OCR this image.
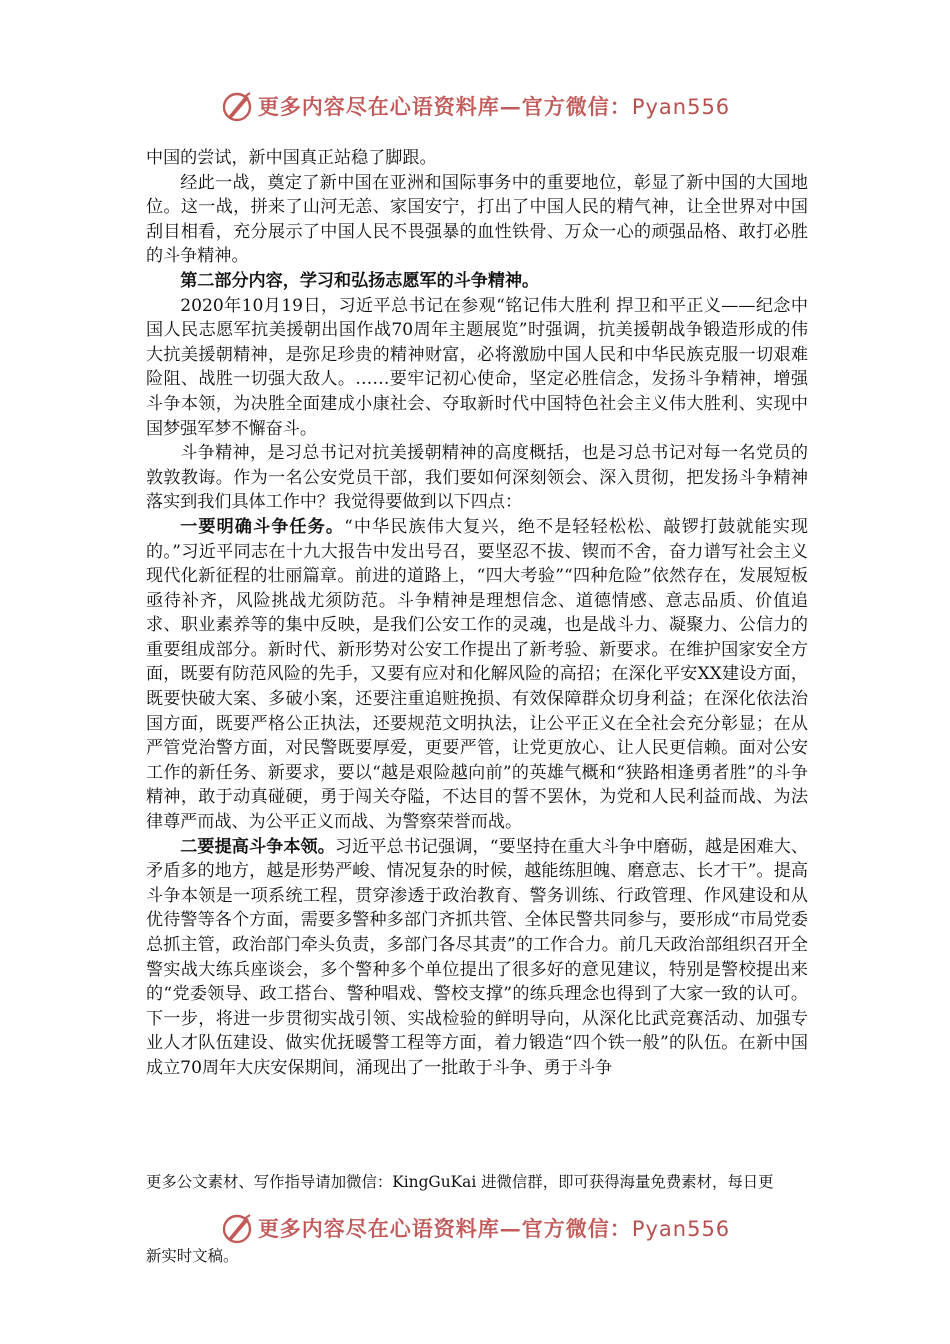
更多内容尽在心语资料库—官方微信：Pyan556

中国的尝试，新中国真正站稳了脚跟。

经此一战，奠定了新中国在亚洲和国际事务中的重要地位，彰显了新中国的大国地位。这一战，拼来了山河无恙、家国安宁，打出了中国人民的精气神，让全世界对中国刮目相看，充分展示了中国人民不畏强暴的血性铁骨、万众一心的顽强品格、敢打必胜的斗争精神。

第二部分内容，学习和弘扬志愿军的斗争精神。

2020年10月19日，习近平总书记在参观“铭记伟大胜利 捍卫和平正义——纪念中国人民志愿军抗美援朝出国作战70周年主题展览”时强调，抗美援朝战争锻造形成的伟大抗美援朝精神，是弥足珍贵的精神财富，必将激励中国人民和中华民族克服一切艰难险阻、战胜一切强大敌人。……要牢记初心使命，坚定必胜信念，发扬斗争精神，增强斗争本领，为决胜全面建成小康社会、夺取新时代中国特色社会主义伟大胜利、实现中国梦强军梦不懈奋斗。

斗争精神，是习总书记对抗美援朝精神的高度概括，也是习总书记对每一名党员的敦敦教诲。作为一名公安党员干部，我们要如何深刻领会、深入贯彻，把发扬斗争精神落实到我们具体工作中？我觉得要做到以下四点：

一要明确斗争任务。“中华民族伟大复兴，绝不是轻轻松松、敲锣打鼓就能实现的。”习近平同志在十九大报告中发出号召，要坚忍不拔、锲而不舍，奋力谱写社会主义现代化新征程的壮丽篇章。前进的道路上，“四大考验”“四种危险”依然存在，发展短板亟待补齐，风险挑战尤须防范。斗争精神是理想信念、道德情感、意志品质、价值追求、职业素养等的集中反映，是我们公安工作的灵魂，也是战斗力、凝聚力、公信力的重要组成部分。新时代、新形势对公安工作提出了新考验、新要求。在维护国家安全方面，既要有防范风险的先手，又要有应对和化解风险的高招；在深化平安XX建设方面，既要快破大案、多破小案，还要注重追赃挽损、有效保障群众切身利益；在深化依法治国方面，既要严格公正执法，还要规范文明执法，让公平正义在全社会充分彰显；在从严管党治警方面，对民警既要厚爱，更要严管，让党更放心、让人民更信赖。面对公安工作的新任务、新要求，要以“越是艰险越向前”的英雄气概和“狭路相逢勇者胜”的斗争精神，敢于动真碰硬，勇于闯关夺隘，不达目的誓不罢休，为党和人民利益而战、为法律尊严而战、为公平正义而战、为警察荣誉而战。

二要提高斗争本领。习近平总书记强调，“要坚持在重大斗争中磨砺，越是困难大、矛盾多的地方，越是形势严峻、情况复杂的时候，越能练胆魄、磨意志、长才干”。提高斗争本领是一项系统工程，贯穿渗透于政治教育、警务训练、行政管理、作风建设和从优待警等各个方面，需要多警种多部门齐抓共管、全体民警共同参与，要形成“市局党委总抓主管，政治部门牵头负责，多部门各尽其责”的工作合力。前几天政治部组织召开全警实战大练兵座谈会，多个警种多个单位提出了很多好的意见建议，特别是警校提出来的“党委领导、政工搭台、警种唱戏、警校支撑”的练兵理念也得到了大家一致的认可。下一步，将进一步贯彻实战引领、实战检验的鲜明导向，从深化比武竞赛活动、加强专业人才队伍建设、做实优抚暖警工程等方面，着力锻造“四个铁一般”的队伍。在新中国成立70周年大庆安保期间，涌现出了一批敢于斗争、勇于斗争

更多公文素材、写作指导请加微信：KingGuKai 进微信群，即可获得海量免费素材，每日更
更多内容尽在心语资料库—官方微信：Pyan556
新实时文稿。
